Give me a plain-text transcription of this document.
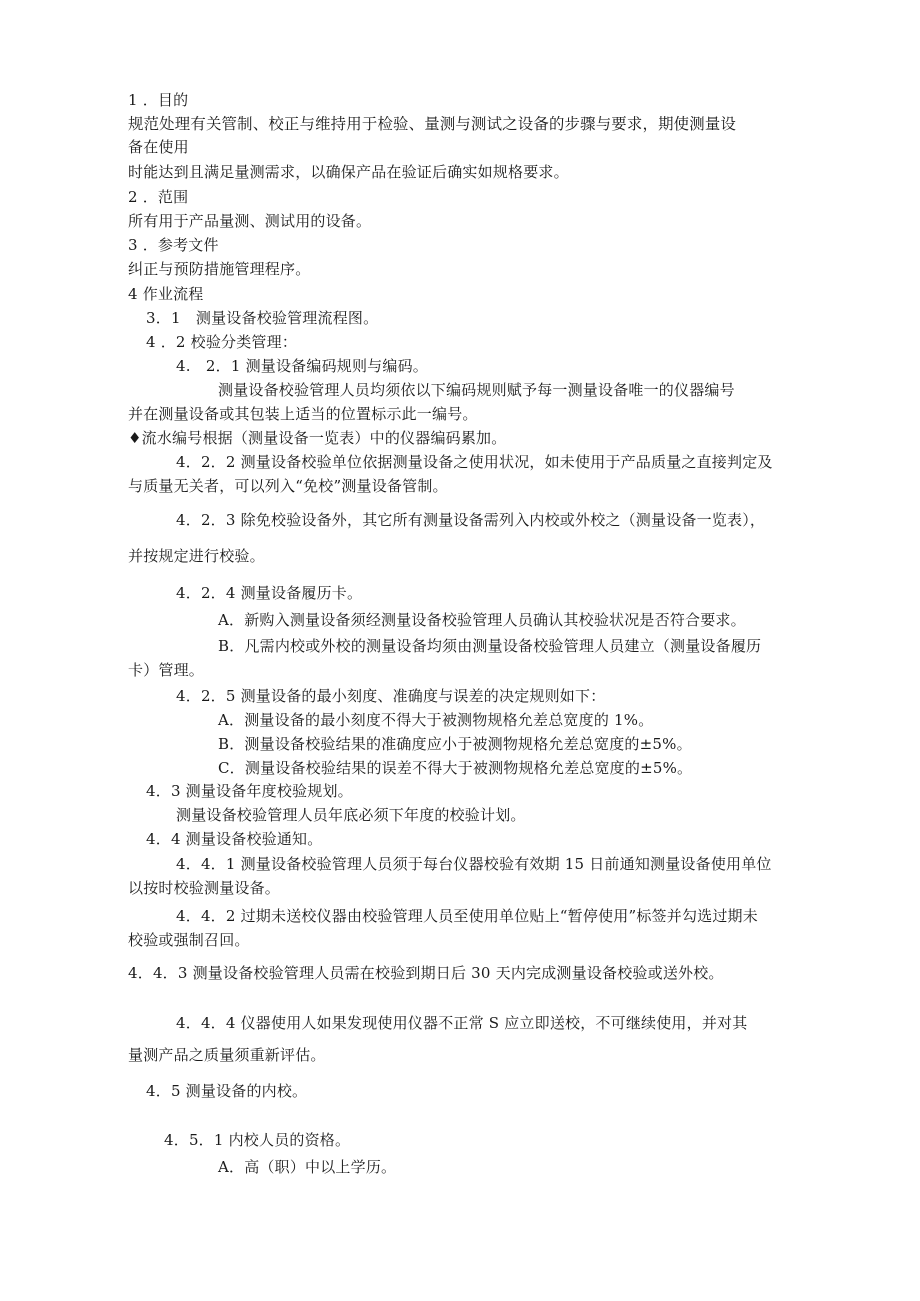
1 ．目的
规范处理有关管制、校正与维持用于检验、量测与测试之设备的步骤与要求，期使测量设
备在使用
时能达到且满足量测需求，以确保产品在验证后确实如规格要求。
2 ．范围
所有用于产品量测、测试用的设备。
3 ．参考文件
纠正与预防措施管理程序。
4 作业流程
3．1　测量设备校验管理流程图。
4 ．2 校验分类管理：
4.　2．1 测量设备编码规则与编码。
测量设备校验管理人员均须依以下编码规则赋予每一测量设备唯一的仪器编号
并在测量设备或其包装上适当的位置标示此一编号。
♦流水编号根据（测量设备一览表）中的仪器编码累加。
4．2．2 测量设备校验单位依据测量设备之使用状况，如未使用于产品质量之直接判定及
与质量无关者，可以列入“免校”测量设备管制。
4．2．3 除免校验设备外，其它所有测量设备需列入内校或外校之（测量设备一览表），
并按规定进行校验。
4．2．4 测量设备履历卡。
A．新购入测量设备须经测量设备校验管理人员确认其校验状况是否符合要求。
B．凡需内校或外校的测量设备均须由测量设备校验管理人员建立（测量设备履历
卡）管理。
4．2．5 测量设备的最小刻度、准确度与误差的决定规则如下：
A．测量设备的最小刻度不得大于被测物规格允差总宽度的 1%。
B．测量设备校验结果的准确度应小于被测物规格允差总宽度的±5%。
C．测量设备校验结果的误差不得大于被测物规格允差总宽度的±5%。
4．3 测量设备年度校验规划。
测量设备校验管理人员年底必须下年度的校验计划。
4．4 测量设备校验通知。
4．4．1 测量设备校验管理人员须于每台仪器校验有效期 15 日前通知测量设备使用单位
以按时校验测量设备。
4．4．2 过期未送校仪器由校验管理人员至使用单位贴上“暂停使用”标签并勾选过期未
校验或强制召回。
4．4．3 测量设备校验管理人员需在校验到期日后 30 天内完成测量设备校验或送外校。
4．4．4 仪器使用人如果发现使用仪器不正常 S 应立即送校，不可继续使用，并对其
量测产品之质量须重新评估。
4．5 测量设备的内校。
4．5．1 内校人员的资格。
A．高（职）中以上学历。
